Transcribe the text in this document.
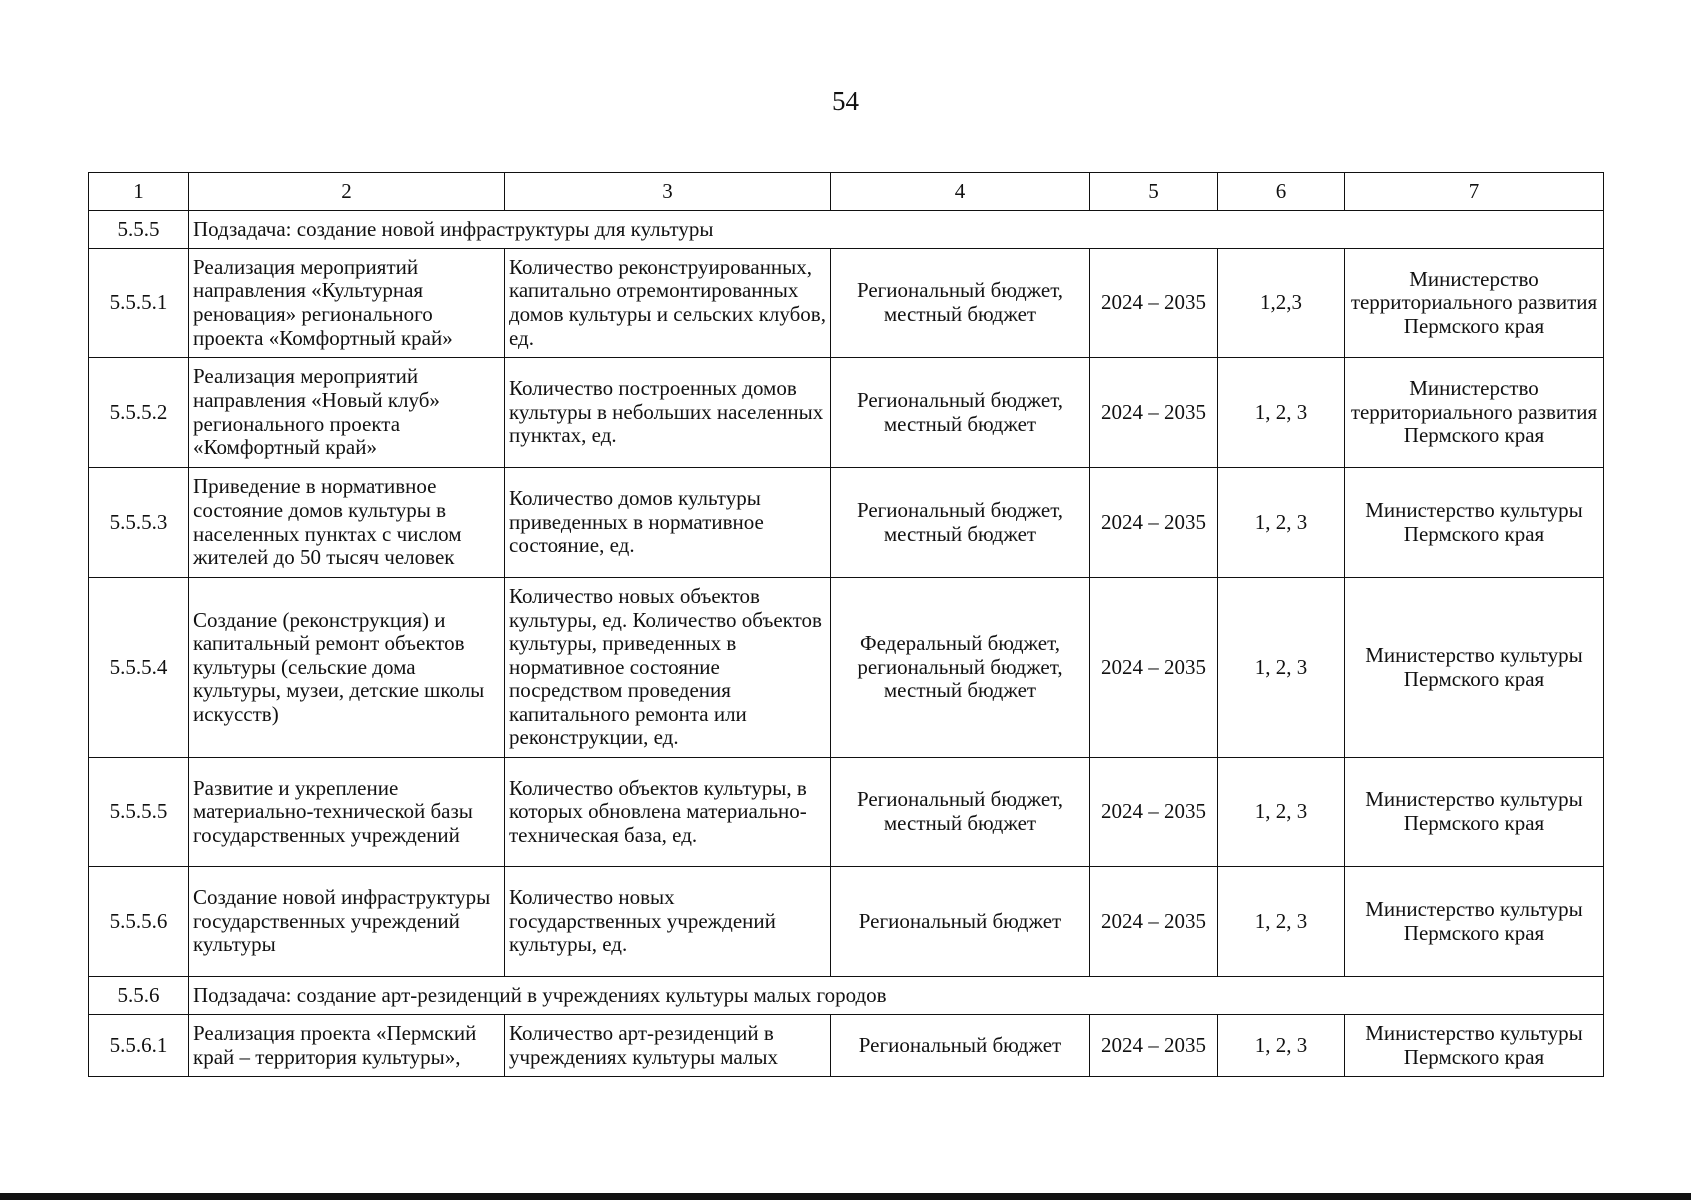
54
1	2	3	4	5	6	7
5.5.5	Подзадача: создание новой инфраструктуры для культуры					
5.5.5.1	Реализация мероприятий направления «Культурная реновация» регионального проекта «Комфортный край»	Количество реконструированных, капитально отремонтированных домов культуры и сельских клубов, ед.	Региональный бюджет, местный бюджет	2024 – 2035	1,2,3	Министерство территориального развития Пермского края
5.5.5.2	Реализация мероприятий направления «Новый клуб» регионального проекта «Комфортный край»	Количество построенных домов культуры в небольших населенных пунктах, ед.	Региональный бюджет, местный бюджет	2024 – 2035	1, 2, 3	Министерство территориального развития Пермского края
5.5.5.3	Приведение в нормативное состояние домов культуры в населенных пунктах с числом жителей до 50 тысяч человек	Количество домов культуры приведенных в нормативное состояние, ед.	Региональный бюджет, местный бюджет	2024 – 2035	1, 2, 3	Министерство культуры Пермского края
5.5.5.4	Создание (реконструкция) и капитальный ремонт объектов культуры (сельские дома культуры, музеи, детские школы искусств)	Количество новых объектов культуры, ед. Количество объектов культуры, приведенных в нормативное состояние посредством проведения капитального ремонта или реконструкции, ед.	Федеральный бюджет, региональный бюджет, местный бюджет	2024 – 2035	1, 2, 3	Министерство культуры Пермского края
5.5.5.5	Развитие и укрепление материально-технической базы государственных учреждений	Количество объектов культуры, в которых обновлена материально-техническая база, ед.	Региональный бюджет, местный бюджет	2024 – 2035	1, 2, 3	Министерство культуры Пермского края
5.5.5.6	Создание новой инфраструктуры государственных учреждений культуры	Количество новых государственных учреждений культуры, ед.	Региональный бюджет	2024 – 2035	1, 2, 3	Министерство культуры Пермского края
5.5.6	Подзадача: создание арт-резиденций в учреждениях культуры малых городов					
5.5.6.1	Реализация проекта «Пермский край – территория культуры»,	Количество арт-резиденций в учреждениях культуры малых	Региональный бюджет	2024 – 2035	1, 2, 3	Министерство культуры Пермского края
